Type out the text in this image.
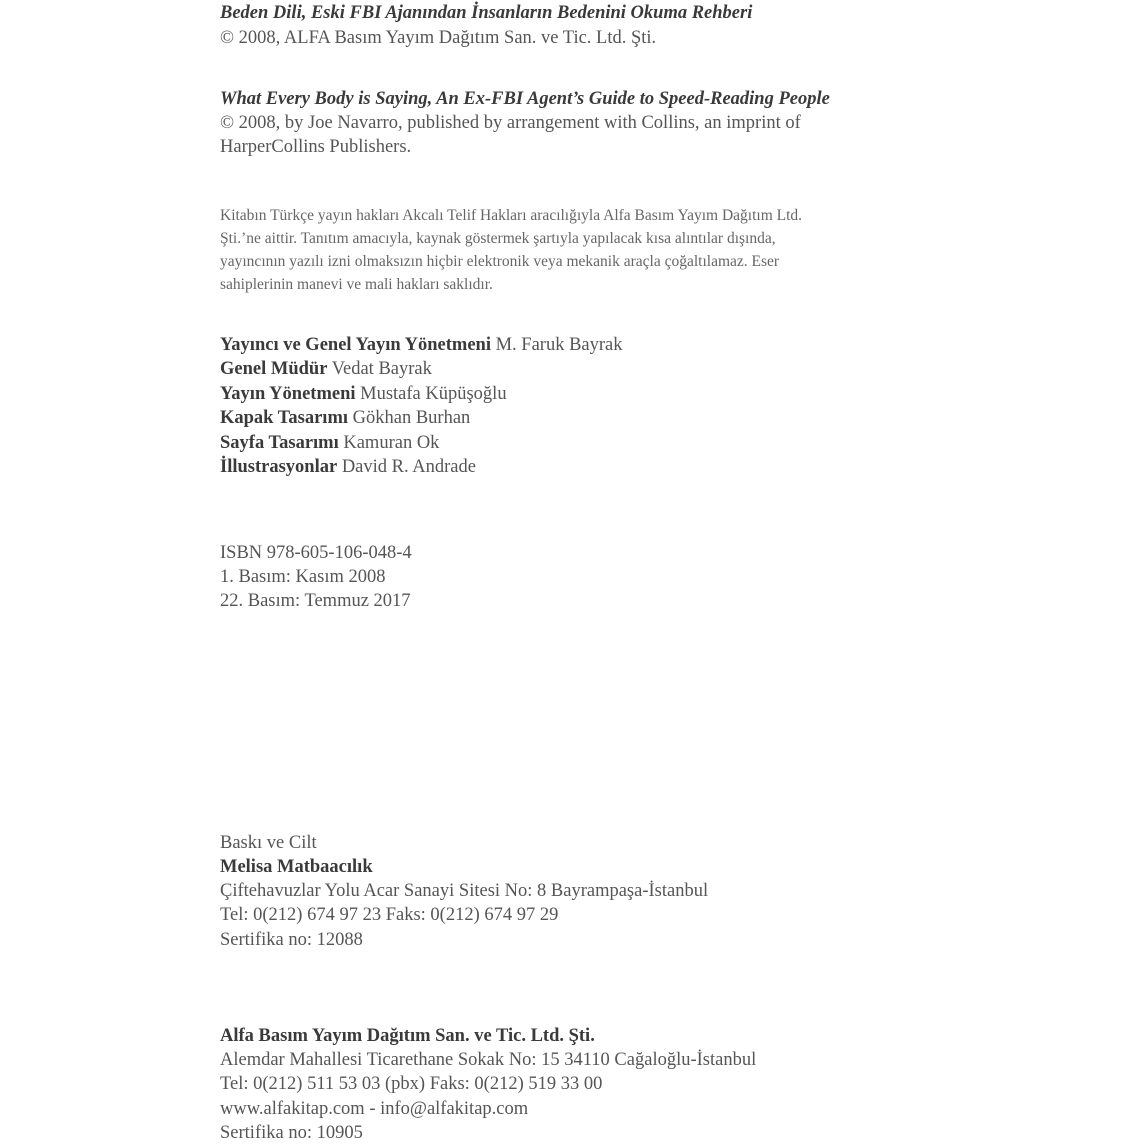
Beden Dili, Eski FBI Ajanından İnsanların Bedenini Okuma Rehberi
© 2008, ALFA Basım Yayım Dağıtım San. ve Tic. Ltd. Şti.
What Every Body is Saying, An Ex-FBI Agent’s Guide to Speed-Reading People
© 2008, by Joe Navarro, published by arrangement with Collins, an imprint of
HarperCollins Publishers.
Kitabın Türkçe yayın hakları Akcalı Telif Hakları aracılığıyla Alfa Basım Yayım Dağıtım Ltd.
Şti.’ne aittir. Tanıtım amacıyla, kaynak göstermek şartıyla yapılacak kısa alıntılar dışında,
yayıncının yazılı izni olmaksızın hiçbir elektronik veya mekanik araçla çoğaltılamaz. Eser
sahiplerinin manevi ve mali hakları saklıdır.
Yayıncı ve Genel Yayın Yönetmeni M. Faruk Bayrak
Genel Müdür Vedat Bayrak
Yayın Yönetmeni Mustafa Küpüşoğlu
Kapak Tasarımı Gökhan Burhan
Sayfa Tasarımı Kamuran Ok
İllustrasyonlar David R. Andrade
ISBN 978-605-106-048-4
1. Basım: Kasım 2008
22. Basım: Temmuz 2017
Baskı ve Cilt
Melisa Matbaacılık
Çiftehavuzlar Yolu Acar Sanayi Sitesi No: 8 Bayrampaşa-İstanbul
Tel: 0(212) 674 97 23 Faks: 0(212) 674 97 29
Sertifika no: 12088
Alfa Basım Yayım Dağıtım San. ve Tic. Ltd. Şti.
Alemdar Mahallesi Ticarethane Sokak No: 15 34110 Cağaloğlu-İstanbul
Tel: 0(212) 511 53 03 (pbx) Faks: 0(212) 519 33 00
www.alfakitap.com - info@alfakitap.com
Sertifika no: 10905
